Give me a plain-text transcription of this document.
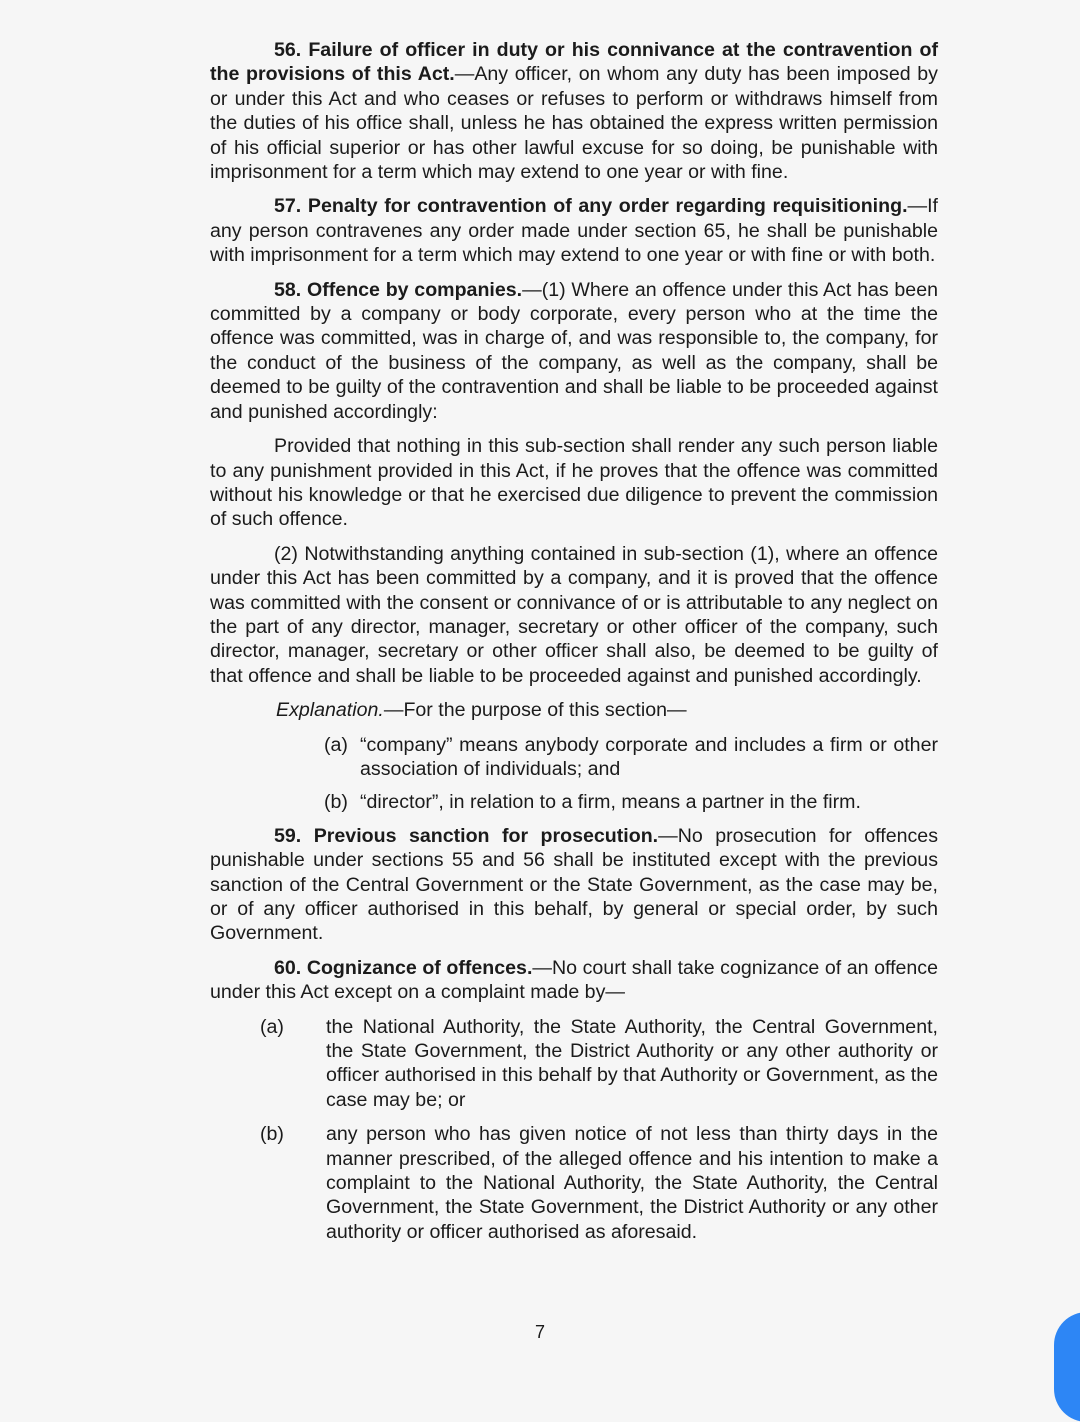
56. Failure of officer in duty or his connivance at the contravention of the provisions of this Act.—Any officer, on whom any duty has been imposed by or under this Act and who ceases or refuses to perform or withdraws himself from the duties of his office shall, unless he has obtained the express written permission of his official superior or has other lawful excuse for so doing, be punishable with imprisonment for a term which may extend to one year or with fine.

57. Penalty for contravention of any order regarding requisitioning.—If any person contravenes any order made under section 65, he shall be punishable with imprisonment for a term which may extend to one year or with fine or with both.

58. Offence by companies.—(1) Where an offence under this Act has been committed by a company or body corporate, every person who at the time the offence was committed, was in charge of, and was responsible to, the company, for the conduct of the business of the company, as well as the company, shall be deemed to be guilty of the contravention and shall be liable to be proceeded against and punished accordingly:

Provided that nothing in this sub-section shall render any such person liable to any punishment provided in this Act, if he proves that the offence was committed without his knowledge or that he exercised due diligence to prevent the commission of such offence.

(2) Notwithstanding anything contained in sub-section (1), where an offence under this Act has been committed by a company, and it is proved that the offence was committed with the consent or connivance of or is attributable to any neglect on the part of any director, manager, secretary or other officer of the company, such director, manager, secretary or other officer shall also, be deemed to be guilty of that offence and shall be liable to be proceeded against and punished accordingly.

Explanation.—For the purpose of this section—
(a) “company” means anybody corporate and includes a firm or other association of individuals; and
(b) “director”, in relation to a firm, means a partner in the firm.

59. Previous sanction for prosecution.—No prosecution for offences punishable under sections 55 and 56 shall be instituted except with the previous sanction of the Central Government or the State Government, as the case may be, or of any officer authorised in this behalf, by general or special order, by such Government.

60. Cognizance of offences.—No court shall take cognizance of an offence under this Act except on a complaint made by—

(a)	the National Authority, the State Authority, the Central Government, the State Government, the District Authority or any other authority or officer authorised in this behalf by that Authority or Government, as the case may be; or
(b)	any person who has given notice of not less than thirty days in the manner prescribed, of the alleged offence and his intention to make a complaint to the National Authority, the State Authority, the Central Government, the State Government, the District Authority or any other authority or officer authorised as aforesaid.
7
